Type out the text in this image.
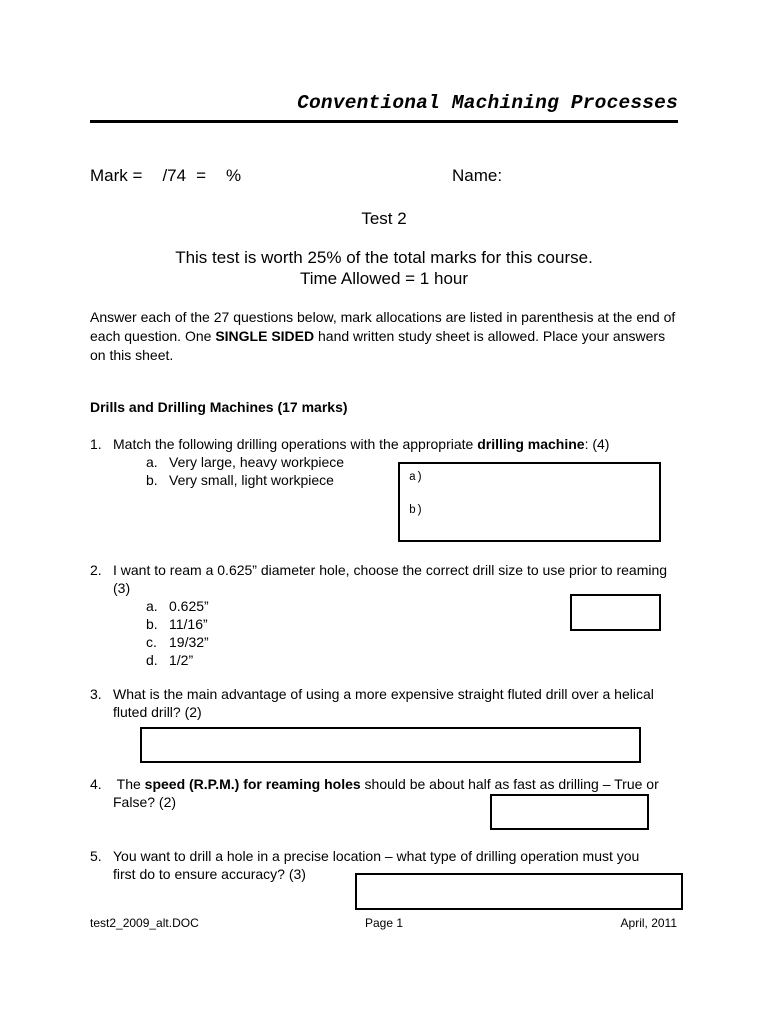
Conventional Machining Processes
Mark = /74 = %	Name:
Test 2
This test is worth 25% of the total marks for this course.
Time Allowed = 1 hour
Answer each of the 27 questions below, mark allocations are listed in parenthesis at the end of each question. One SINGLE SIDED hand written study sheet is allowed. Place your answers on this sheet.
Drills and Drilling Machines (17 marks)
1. Match the following drilling operations with the appropriate drilling machine: (4)
a. Very large, heavy workpiece
b. Very small, light workpiece	a)
b)
2. I want to ream a 0.625” diameter hole, choose the correct drill size to use prior to reaming (3)
a. 0.625”
b. 11/16”
c. 19/32”
d. 1/2”
3. What is the main advantage of using a more expensive straight fluted drill over a helical fluted drill? (2)
4. The speed (R.P.M.) for reaming holes should be about half as fast as drilling – True or False? (2)
5. You want to drill a hole in a precise location – what type of drilling operation must you first do to ensure accuracy? (3)
test2_2009_alt.DOC	Page 1	April, 2011
